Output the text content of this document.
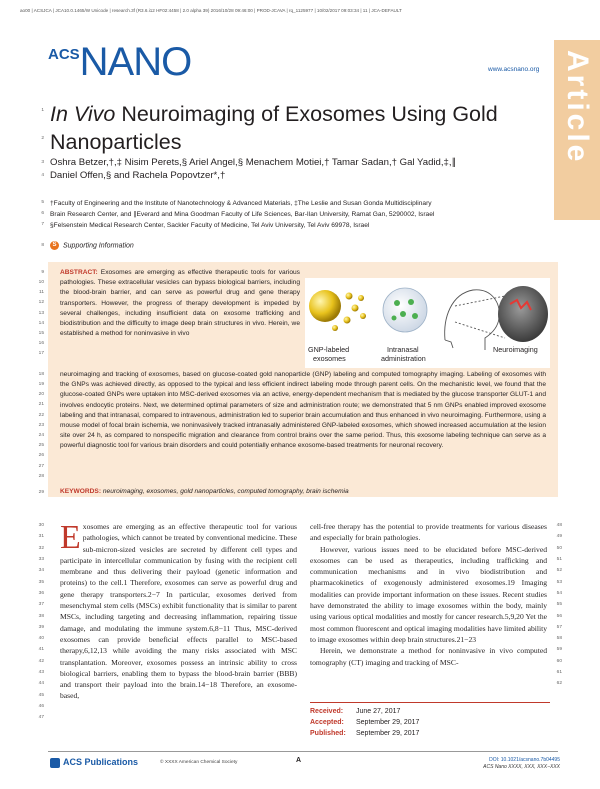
ao00 | ACSJCA | JCA10.0.1465/W Unicode | research.3f (R3.6.i12 HF02:4458 | 2.0 alpha 39) 2016/10/28 09:46:00 | PROD-JCAVA | rq_1125977 | 10/02/2017 09:03:34 | 11 | JCA-DEFAULT
ACSNANO	www.acsnano.org Article
1
2
3
4
5
6
7
8
9
10
11
12
13
14
15
16
17
18
19
20
21
22
23
24
25
26
27
28
29
30
31
32
33
34
35
36
37
38
39
40
41
42
43
44
45
46
47
48
49
50
51
52
53
54
55
56
57
58
59
60
61
62
In Vivo Neuroimaging of Exosomes Using Gold Nanoparticles
Oshra Betzer,†,‡ Nisim Perets,§ Ariel Angel,§ Menachem Motiei,† Tamar Sadan,† Gal Yadid,‡,∥
Daniel Offen,§ and Rachela Popovtzer*,†
†Faculty of Engineering and the Institute of Nanotechnology & Advanced Materials, ‡The Leslie and Susan Gonda Multidisciplinary
Brain Research Center, and ∥Everard and Mina Goodman Faculty of Life Sciences, Bar-Ilan University, Ramat Gan, 5290002, Israel
§Felsenstein Medical Research Center, Sackler Faculty of Medicine, Tel Aviv University, Tel Aviv 69978, Israel
S Supporting Information
ABSTRACT: Exosomes are emerging as effective therapeutic tools for various pathologies. These extracellular vesicles can bypass biological barriers, including the blood-brain barrier, and can serve as powerful drug and gene therapy transporters. However, the progress of therapy development is impeded by several challenges, including insufficient data on exosome trafficking and biodistribution and the difficulty to image deep brain structures in vivo. Herein, we established a method for noninvasive in vivo
GNP-labeled
exosomes
Intranasal
administration
Neuroimaging
neuroimaging and tracking of exosomes, based on glucose-coated gold nanoparticle (GNP) labeling and computed tomography imaging. Labeling of exosomes with the GNPs was achieved directly, as opposed to the typical and less efficient indirect labeling mode through parent cells. On the mechanistic level, we found that the glucose-coated GNPs were uptaken into MSC-derived exosomes via an active, energy-dependent mechanism that is mediated by the glucose transporter GLUT-1 and involves endocytic proteins. Next, we determined optimal parameters of size and administration route; we demonstrated that 5 nm GNPs enabled improved exosome labeling and that intranasal, compared to intravenous, administration led to superior brain accumulation and thus enhanced in vivo neuroimaging. Furthermore, using a mouse model of focal brain ischemia, we noninvasively tracked intranasally administered GNP-labeled exosomes, which showed increased accumulation at the lesion site over 24 h, as compared to nonspecific migration and clearance from control brains over the same period. Thus, this exosome labeling technique can serve as a powerful diagnostic tool for various brain disorders and could potentially enhance exosome-based treatments for neuronal recovery.
KEYWORDS: neuroimaging, exosomes, gold nanoparticles, computed tomography, brain ischemia
Exosomes are emerging as an effective therapeutic tool for various pathologies, which cannot be treated by conventional medicine. These sub-micron-sized vesicles are secreted by different cell types and participate in intercellular communication by fusing with the recipient cell membrane and thus delivering their payload (genetic information and proteins) to the cell.1 Therefore, exosomes can serve as powerful drug and gene therapy transporters.2−7 In particular, exosomes derived from mesenchymal stem cells (MSCs) exhibit functionality that is similar to parent MSCs, including targeting and decreasing inflammation, repairing tissue damage, and modulating the immune system.6,8−11 Thus, MSC-derived exosomes can provide beneficial effects parallel to MSC-based therapy,6,12,13 while avoiding the many risks associated with MSC transplantation. Moreover, exosomes possess an intrinsic ability to cross biological barriers, enabling them to bypass the blood-brain barrier (BBB) and transport their payload into the brain.14−18 Therefore, an exosome-based,

cell-free therapy has the potential to provide treatments for various diseases and especially for brain pathologies.

However, various issues need to be elucidated before MSC-derived exosomes can be used as therapeutics, including trafficking and communication mechanisms and in vivo biodistribution and pharmacokinetics of exogenously administered exosomes.19 Imaging modalities can provide important information on these issues. Recent studies have demonstrated the ability to image exosomes within the body, mainly using various optical modalities and mostly for cancer research.5,9,20 Yet the most common fluorescent and optical imaging modalities have limited ability to image exosomes within deep brain structures.21−23

Herein, we demonstrate a method for noninvasive in vivo computed tomography (CT) imaging and tracking of MSC-

Received: June 27, 2017
Accepted: September 29, 2017
Published: September 29, 2017
ACS Publications	© XXXX American Chemical Society	A	DOI: 10.1021/acsnano.7b04495
ACS Nano XXXX, XXX, XXX−XXX
